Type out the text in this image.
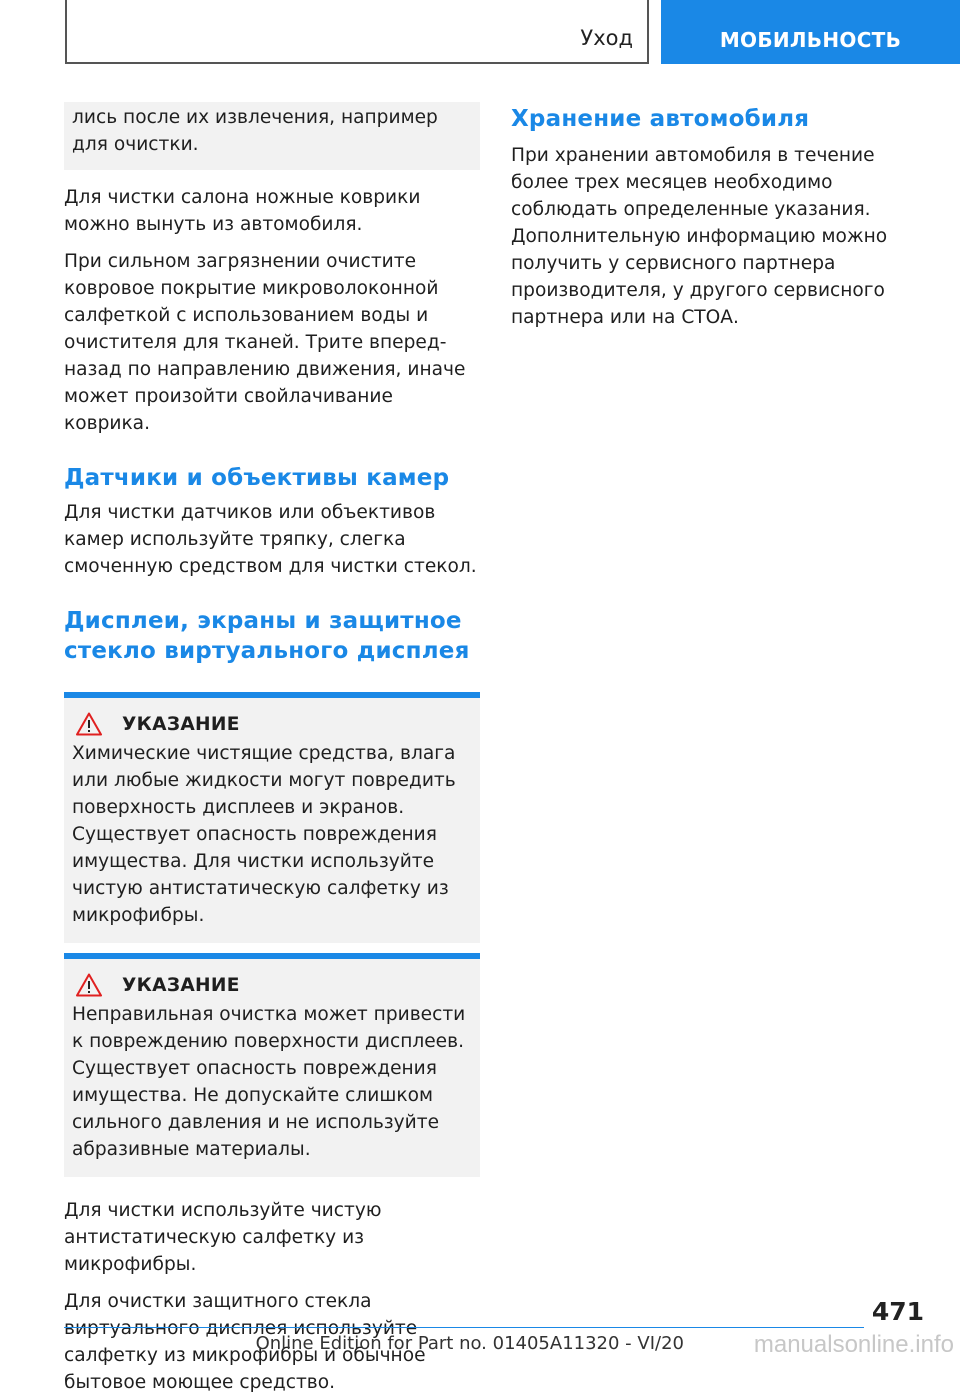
Уход	МОБИЛЬНОСТЬ

лись после их извлечения, например для очистки.

Для чистки салона ножные коврики можно вынуть из автомобиля.

При сильном загрязнении очистите ковровое покрытие микроволоконной салфеткой с использованием воды и очистителя для тканей. Трите вперед-назад по направлению движения, иначе может произойти свойлачивание коврика.

Датчики и объективы камер

Для чистки датчиков или объективов камер используйте тряпку, слегка смоченную средством для чистки стекол.

Дисплеи, экраны и защитное стекло виртуального дисплея
УКАЗАНИЕ

Химические чистящие средства, влага или любые жидкости могут повредить поверхность дисплеев и экранов. Существует опасность повреждения имущества. Для чистки используйте чистую антистатическую салфетку из микрофибры.

УКАЗАНИЕ

Неправильная очистка может привести к повреждению поверхности дисплеев. Существует опасность повреждения имущества. Не допускайте слишком сильного давления и не используйте абразивные материалы.

Для чистки используйте чистую антистатическую салфетку из микрофибры.

Для очистки защитного стекла виртуального дисплея используйте салфетку из микрофибры и обычное бытовое моющее средство.

Хранение автомобиля

При хранении автомобиля в течение более трех месяцев необходимо соблюдать определенные указания. Дополнительную информацию можно получить у сервисного партнера производителя, у другого сервисного партнера или на СТОА.

471
Online Edition for Part no. 01405A11320 - VI/20	manualsonline.info
